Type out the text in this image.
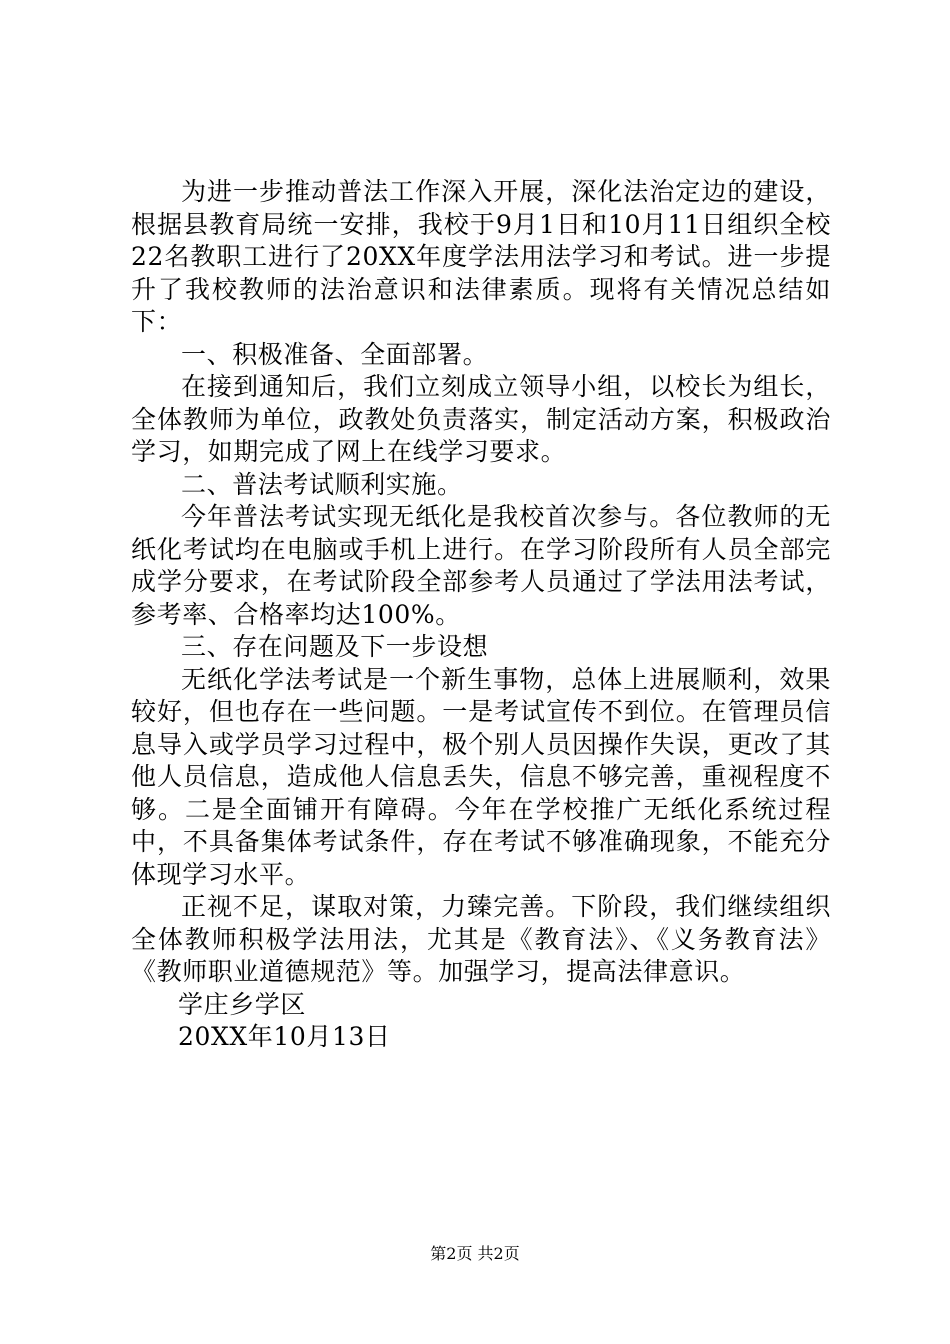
为进一步推动普法工作深入开展，深化法治定边的建设，根据县教育局统一安排，我校于9月1日和10月11日组织全校22名教职工进行了20XX年度学法用法学习和考试。进一步提升了我校教师的法治意识和法律素质。现将有关情况总结如下：

一、积极准备、全面部署。

在接到通知后，我们立刻成立领导小组，以校长为组长，全体教师为单位，政教处负责落实，制定活动方案，积极政治学习，如期完成了网上在线学习要求。

二、普法考试顺利实施。

今年普法考试实现无纸化是我校首次参与。各位教师的无纸化考试均在电脑或手机上进行。在学习阶段所有人员全部完成学分要求，在考试阶段全部参考人员通过了学法用法考试，参考率、合格率均达100%。

三、存在问题及下一步设想

无纸化学法考试是一个新生事物，总体上进展顺利，效果较好，但也存在一些问题。一是考试宣传不到位。在管理员信息导入或学员学习过程中，极个别人员因操作失误，更改了其他人员信息，造成他人信息丢失，信息不够完善，重视程度不够。二是全面铺开有障碍。今年在学校推广无纸化系统过程中，不具备集体考试条件，存在考试不够准确现象，不能充分体现学习水平。

正视不足，谋取对策，力臻完善。下阶段，我们继续组织全体教师积极学法用法，尤其是《教育法》、《义务教育法》《教师职业道德规范》等。加强学习，提高法律意识。

学庄乡学区

20XX年10月13日

第2页 共2页
